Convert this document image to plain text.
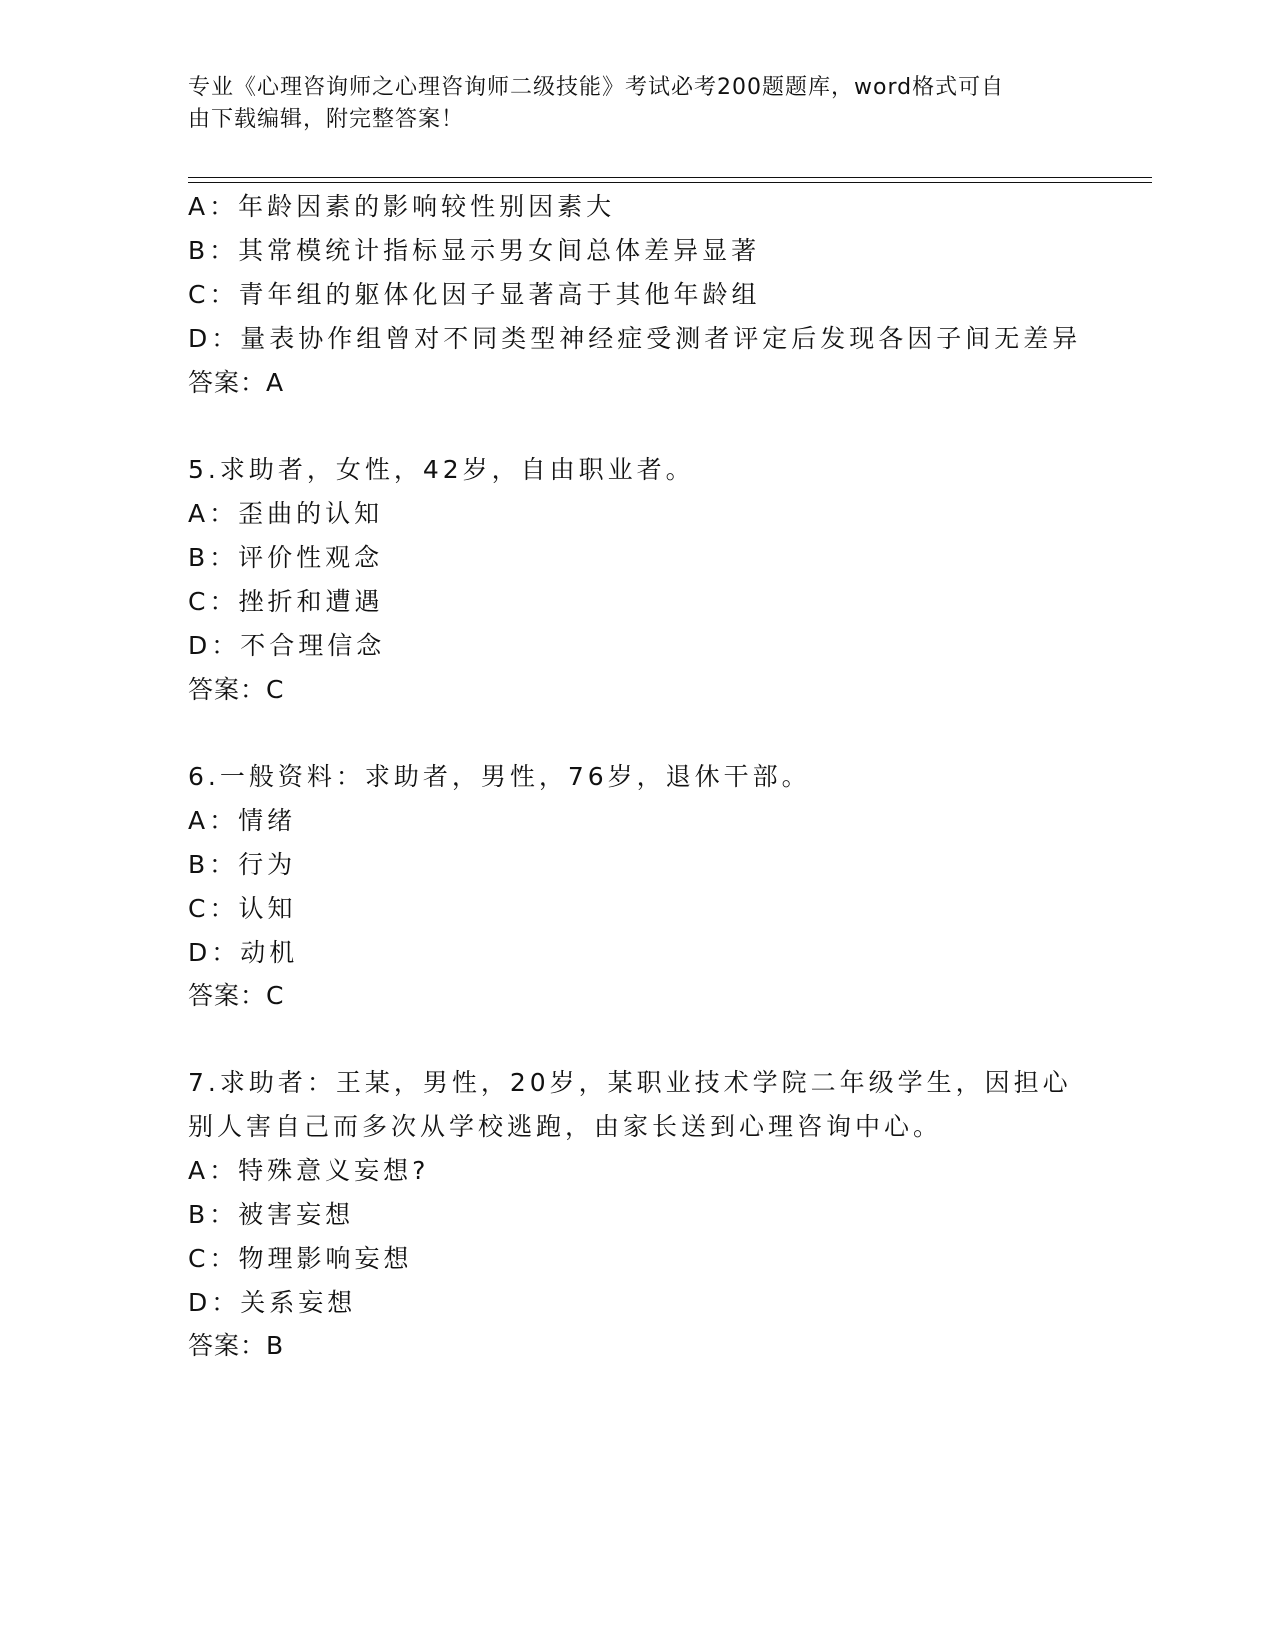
专业《心理咨询师之心理咨询师二级技能》考试必考200题题库，word格式可自
由下载编辑，附完整答案！
A：年龄因素的影响较性别因素大
B：其常模统计指标显示男女间总体差异显著
C：青年组的躯体化因子显著高于其他年龄组
D：量表协作组曾对不同类型神经症受测者评定后发现各因子间无差异
答案：A
5.求助者，女性，42岁，自由职业者。
A：歪曲的认知
B：评价性观念
C：挫折和遭遇
D：不合理信念
答案：C
6.一般资料：求助者，男性，76岁，退休干部。
A：情绪
B：行为
C：认知
D：动机
答案：C
7.求助者：王某，男性，20岁，某职业技术学院二年级学生，因担心
别人害自己而多次从学校逃跑，由家长送到心理咨询中心。
A：特殊意义妄想?
B：被害妄想
C：物理影响妄想
D：关系妄想
答案：B
